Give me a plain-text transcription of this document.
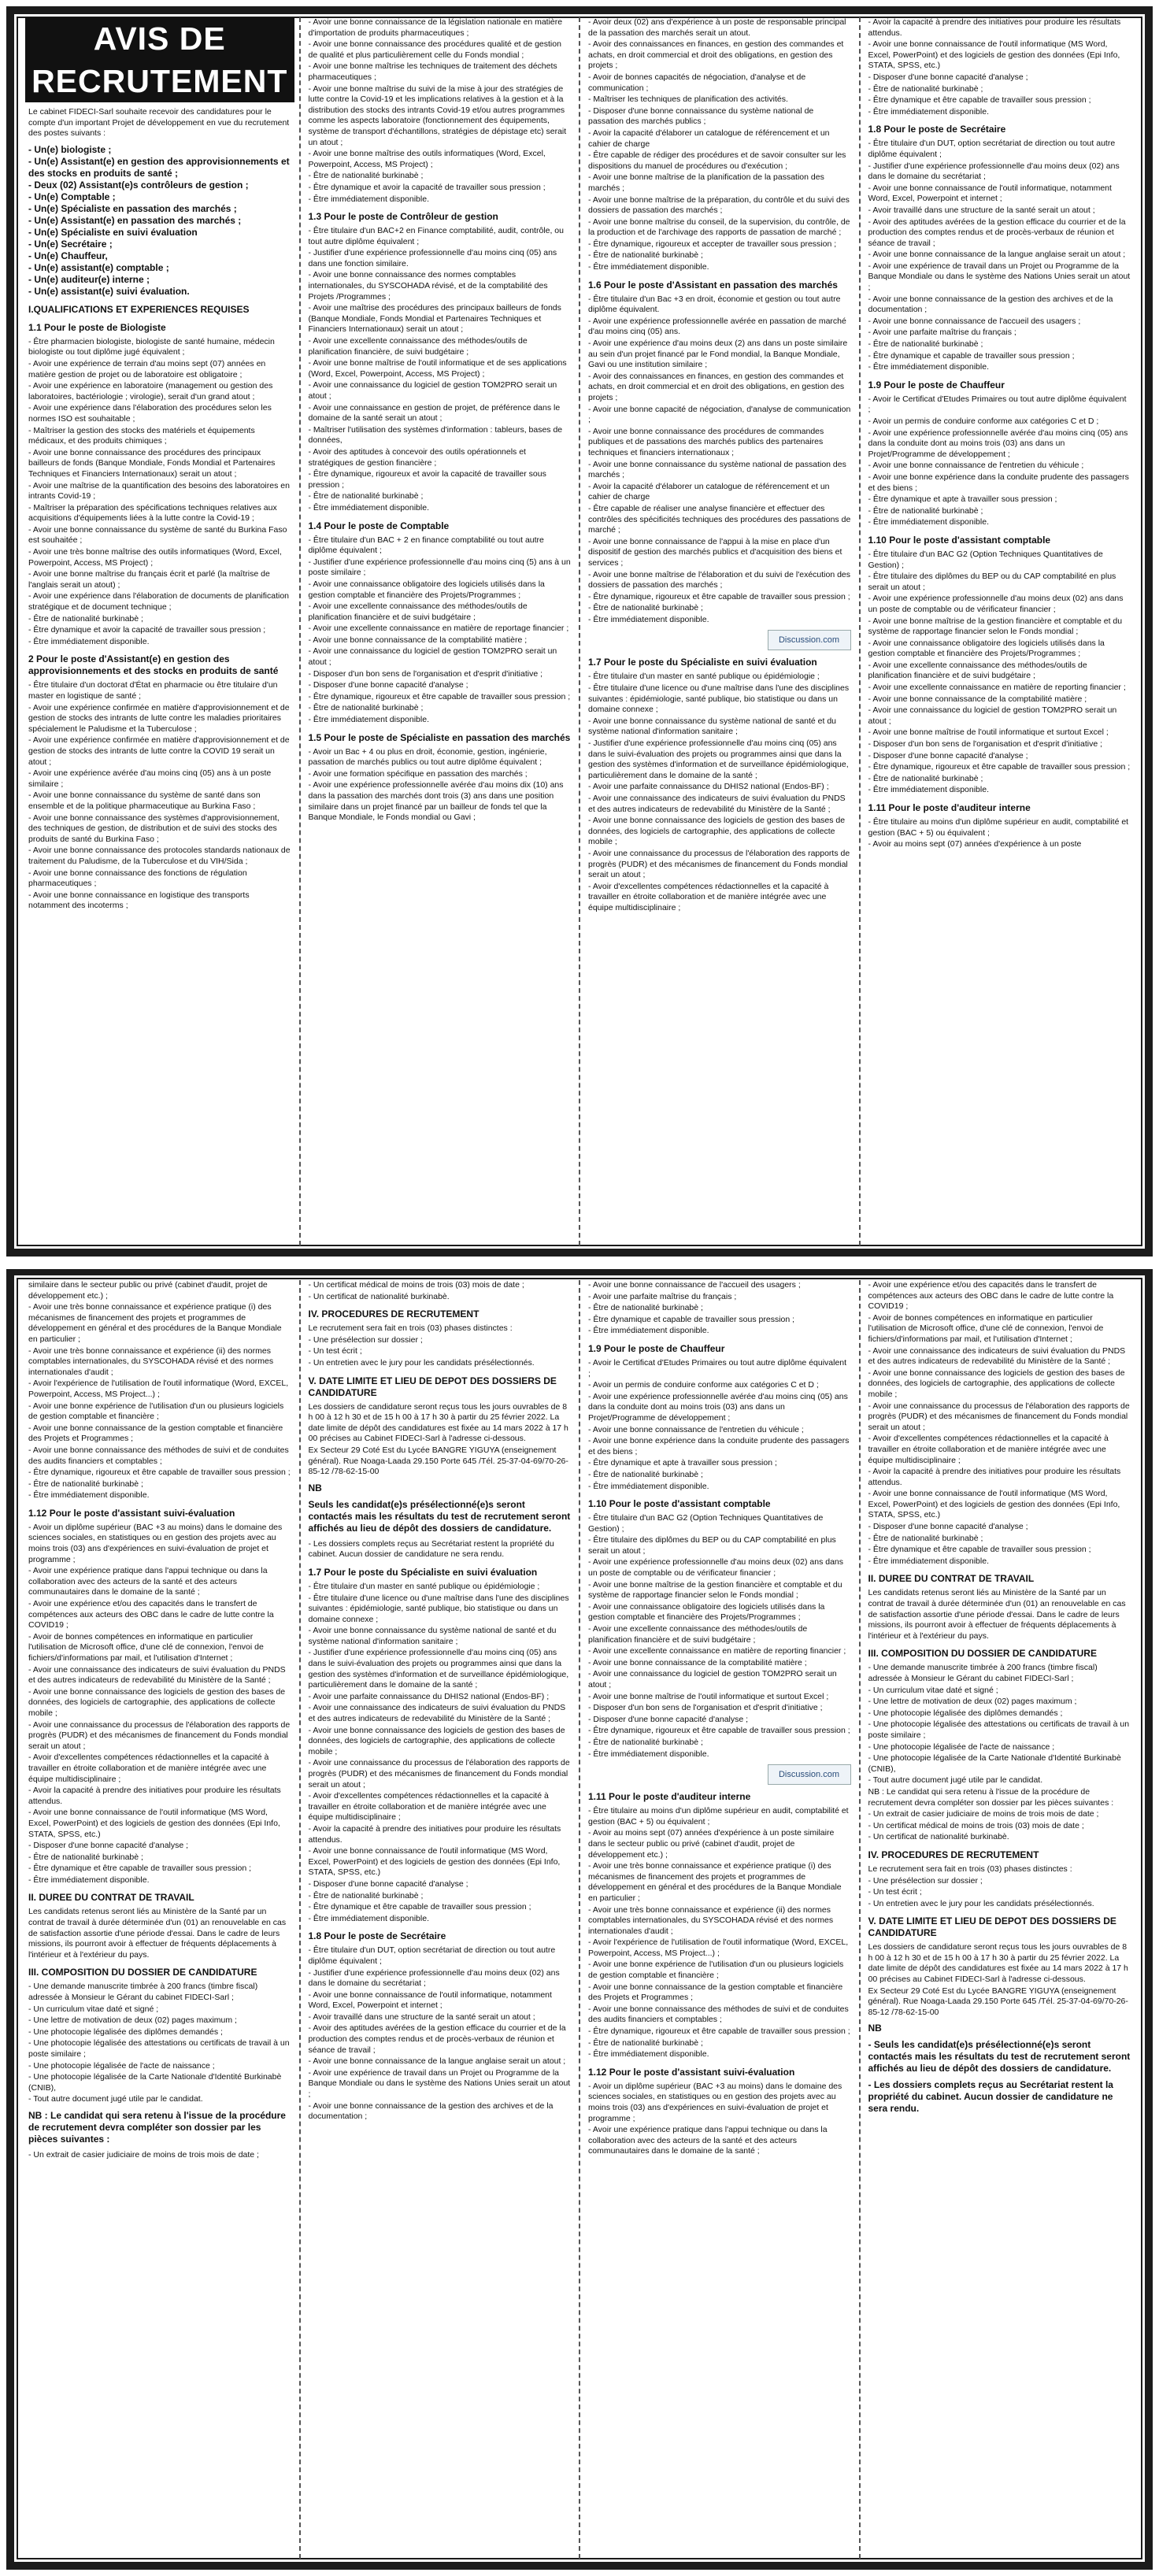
AVIS DE RECRUTEMENT

Le cabinet FIDECI-Sarl souhaite recevoir des candidatures pour le compte d'un important Projet de développement en vue du recrutement des postes suivants :

- Un(e) biologiste ;
- Un(e) Assistant(e) en gestion des approvisionnements et des stocks en produits de santé ;
- Deux (02) Assistant(e)s contrôleurs de gestion ;
- Un(e) Comptable ;
- Un(e) Spécialiste en passation des marchés ;
- Un(e) Assistant(e) en passation des marchés ;
- Un(e) Spécialiste en suivi évaluation
- Un(e) Secrétaire ;
- Un(e) Chauffeur,
- Un(e) assistant(e) comptable ;
- Un(e) auditeur(e) interne ;
- Un(e) assistant(e) suivi évaluation.
I.QUALIFICATIONS ET EXPERIENCES REQUISES
1.1 Pour le poste de Biologiste

- Être pharmacien biologiste, biologiste de santé humaine, médecin biologiste ou tout diplôme jugé équivalent ;

- Avoir une expérience de terrain d'au moins sept (07) années en matière gestion de projet ou de laboratoire est obligatoire ;

- Avoir une expérience en laboratoire (management ou gestion des laboratoires, bactériologie ; virologie), serait d'un grand atout ;

- Avoir une expérience dans l'élaboration des procédures selon les normes ISO est souhaitable ;

- Maîtriser la gestion des stocks des matériels et équipements médicaux, et des produits chimiques ;

- Avoir une bonne connaissance des procédures des principaux bailleurs de fonds (Banque Mondiale, Fonds Mondial et Partenaires Techniques et Financiers Internationaux) serait un atout ;

- Avoir une maîtrise de la quantification des besoins des laboratoires en intrants Covid-19 ;

- Maîtriser la préparation des spécifications techniques relatives aux acquisitions d'équipements liées à la lutte contre la Covid-19 ;

- Avoir une bonne connaissance du système de santé du Burkina Faso est souhaitée ;

- Avoir une très bonne maîtrise des outils informatiques (Word, Excel, Powerpoint, Access, MS Project) ;

- Avoir une bonne maîtrise du français écrit et parlé (la maîtrise de l'anglais serait un atout) ;

- Avoir une expérience dans l'élaboration de documents de planification stratégique et de document technique ;

- Être de nationalité burkinabè ;

- Être dynamique et avoir la capacité de travailler sous pression ;

- Être immédiatement disponible.

2 Pour le poste d'Assistant(e) en gestion des approvisionnements et des stocks en produits de santé

- Être titulaire d'un doctorat d'État en pharmacie ou être titulaire d'un master en logistique de santé ;

- Avoir une expérience confirmée en matière d'approvisionnement et de gestion de stocks des intrants de lutte contre les maladies prioritaires spécialement le Paludisme et la Tuberculose ;

- Avoir une expérience confirmée en matière d'approvisionnement et de gestion de stocks des intrants de lutte contre la COVID 19 serait un atout ;

- Avoir une expérience avérée d'au moins cinq (05) ans à un poste similaire ;

- Avoir une bonne connaissance du système de santé dans son ensemble et de la politique pharmaceutique au Burkina Faso ;

- Avoir une bonne connaissance des systèmes d'approvisionnement, des techniques de gestion, de distribution et de suivi des stocks des produits de santé du Burkina Faso ;

- Avoir une bonne connaissance des protocoles standards nationaux de traitement du Paludisme, de la Tuberculose et du VIH/Sida ;

- Avoir une bonne connaissance des fonctions de régulation pharmaceutiques ;

- Avoir une bonne connaissance en logistique des transports notamment des incoterms ;

- Avoir une bonne connaissance de la législation nationale en matière d'importation de produits pharmaceutiques ;

- Avoir une bonne connaissance des procédures qualité et de gestion de qualité et plus particulièrement celle du Fonds mondial ;

- Avoir une bonne maîtrise les techniques de traitement des déchets pharmaceutiques ;

- Avoir une bonne maîtrise du suivi de la mise à jour des stratégies de lutte contre la Covid-19 et les implications relatives à la gestion et à la distribution des stocks des intrants Covid-19 et/ou autres programmes comme les aspects laboratoire (fonctionnement des équipements, système de transport d'échantillons, stratégies de dépistage etc) serait un atout ;

- Avoir une bonne maîtrise des outils informatiques (Word, Excel, Powerpoint, Access, MS Project) ;

- Être de nationalité burkinabè ;

- Être dynamique et avoir la capacité de travailler sous pression ;

- Être immédiatement disponible.

1.3 Pour le poste de Contrôleur de gestion

- Être titulaire d'un BAC+2 en Finance comptabilité, audit, contrôle, ou tout autre diplôme équivalent ;

- Justifier d'une expérience professionnelle d'au moins cinq (05) ans dans une fonction similaire.

- Avoir une bonne connaissance des normes comptables internationales, du SYSCOHADA révisé, et de la comptabilité des Projets /Programmes ;

- Avoir une maîtrise des procédures des principaux bailleurs de fonds (Banque Mondiale, Fonds Mondial et Partenaires Techniques et Financiers Internationaux) serait un atout ;

- Avoir une excellente connaissance des méthodes/outils de planification financière, de suivi budgétaire ;

- Avoir une bonne maîtrise de l'outil informatique et de ses applications (Word, Excel, Powerpoint, Access, MS Project) ;

- Avoir une connaissance du logiciel de gestion TOM2PRO serait un atout ;

- Avoir une connaissance en gestion de projet, de préférence dans le domaine de la santé serait un atout ;

- Maîtriser l'utilisation des systèmes d'information : tableurs, bases de données,

- Avoir des aptitudes à concevoir des outils opérationnels et stratégiques de gestion financière ;

- Être dynamique, rigoureux et avoir la capacité de travailler sous pression ;

- Être de nationalité burkinabè ;

- Être immédiatement disponible.

1.4 Pour le poste de Comptable

- Être titulaire d'un BAC + 2 en finance comptabilité ou tout autre diplôme équivalent ;

- Justifier d'une expérience professionnelle d'au moins cinq (5) ans à un poste similaire ;

- Avoir une connaissance obligatoire des logiciels utilisés dans la gestion comptable et financière des Projets/Programmes ;

- Avoir une excellente connaissance des méthodes/outils de planification financière et de suivi budgétaire ;

- Avoir une excellente connaissance en matière de reportage financier ;

- Avoir une bonne connaissance de la comptabilité matière ;

- Avoir une connaissance du logiciel de gestion TOM2PRO serait un atout ;

- Disposer d'un bon sens de l'organisation et d'esprit d'initiative ;

- Disposer d'une bonne capacité d'analyse ;

- Être dynamique, rigoureux et être capable de travailler sous pression ;

- Être de nationalité burkinabè ;

- Être immédiatement disponible.

1.5 Pour le poste de Spécialiste en passation des marchés

- Avoir un Bac + 4 ou plus en droit, économie, gestion, ingénierie, passation de marchés publics ou tout autre diplôme équivalent ;

- Avoir une formation spécifique en passation des marchés ;

- Avoir une expérience professionnelle avérée d'au moins dix (10) ans dans la passation des marchés dont trois (3) ans dans une position similaire dans un projet financé par un bailleur de fonds tel que la Banque Mondiale, le Fonds mondial ou Gavi ;

- Avoir deux (02) ans d'expérience à un poste de responsable principal de la passation des marchés serait un atout.

- Avoir des connaissances en finances, en gestion des commandes et achats, en droit commercial et droit des obligations, en gestion des projets ;

- Avoir de bonnes capacités de négociation, d'analyse et de communication ;

- Maîtriser les techniques de planification des activités.

- Disposer d'une bonne connaissance du système national de passation des marchés publics ;

- Avoir la capacité d'élaborer un catalogue de référencement et un cahier de charge

- Être capable de rédiger des procédures et de savoir consulter sur les dispositions du manuel de procédures ou d'exécution ;

- Avoir une bonne maîtrise de la planification de la passation des marchés ;

- Avoir une bonne maîtrise de la préparation, du contrôle et du suivi des dossiers de passation des marchés ;

- Avoir une bonne maîtrise du conseil, de la supervision, du contrôle, de la production et de l'archivage des rapports de passation de marché ;

- Être dynamique, rigoureux et accepter de travailler sous pression ;

- Être de nationalité burkinabè ;

- Être immédiatement disponible.

1.6 Pour le poste d'Assistant en passation des marchés

- Être titulaire d'un Bac +3 en droit, économie et gestion ou tout autre diplôme équivalent.

- Avoir une expérience professionnelle avérée en passation de marché d'au moins cinq (05) ans.

- Avoir une expérience d'au moins deux (2) ans dans un poste similaire au sein d'un projet financé par le Fond mondial, la Banque Mondiale, Gavi ou une institution similaire ;

- Avoir des connaissances en finances, en gestion des commandes et achats, en droit commercial et en droit des obligations, en gestion des projets ;

- Avoir une bonne capacité de négociation, d'analyse de communication ;

- Avoir une bonne connaissance des procédures de commandes publiques et de passations des marchés publics des partenaires techniques et financiers internationaux ;

- Avoir une bonne connaissance du système national de passation des marchés ;

- Avoir la capacité d'élaborer un catalogue de référencement et un cahier de charge

- Être capable de réaliser une analyse financière et effectuer des contrôles des spécificités techniques des procédures des passations de marché ;

- Avoir une bonne connaissance de l'appui à la mise en place d'un dispositif de gestion des marchés publics et d'acquisition des biens et services ;

- Avoir une bonne maîtrise de l'élaboration et du suivi de l'exécution des dossiers de passation des marchés ;

- Être dynamique, rigoureux et être capable de travailler sous pression ;

- Être de nationalité burkinabè ;

- Être immédiatement disponible.

Discussion.com
1.7 Pour le poste du Spécialiste en suivi évaluation

- Être titulaire d'un master en santé publique ou épidémiologie ;

- Être titulaire d'une licence ou d'une maîtrise dans l'une des disciplines suivantes : épidémiologie, santé publique, bio statistique ou dans un domaine connexe ;

- Avoir une bonne connaissance du système national de santé et du système national d'information sanitaire ;

- Justifier d'une expérience professionnelle d'au moins cinq (05) ans dans le suivi-évaluation des projets ou programmes ainsi que dans la gestion des systèmes d'information et de surveillance épidémiologique, particulièrement dans le domaine de la santé ;

- Avoir une parfaite connaissance du DHIS2 national (Endos-BF) ;

- Avoir une connaissance des indicateurs de suivi évaluation du PNDS et des autres indicateurs de redevabilité du Ministère de la Santé ;

- Avoir une bonne connaissance des logiciels de gestion des bases de données, des logiciels de cartographie, des applications de collecte mobile ;

- Avoir une connaissance du processus de l'élaboration des rapports de progrès (PUDR) et des mécanismes de financement du Fonds mondial serait un atout ;

- Avoir d'excellentes compétences rédactionnelles et la capacité à travailler en étroite collaboration et de manière intégrée avec une équipe multidisciplinaire ;

- Avoir la capacité à prendre des initiatives pour produire les résultats attendus.

- Avoir une bonne connaissance de l'outil informatique (MS Word, Excel, PowerPoint) et des logiciels de gestion des données (Epi Info, STATA, SPSS, etc.)

- Disposer d'une bonne capacité d'analyse ;

- Être de nationalité burkinabè ;

- Être dynamique et être capable de travailler sous pression ;

- Être immédiatement disponible.

1.8 Pour le poste de Secrétaire

- Être titulaire d'un DUT, option secrétariat de direction ou tout autre diplôme équivalent ;

- Justifier d'une expérience professionnelle d'au moins deux (02) ans dans le domaine du secrétariat ;

- Avoir une bonne connaissance de l'outil informatique, notamment Word, Excel, Powerpoint et internet ;

- Avoir travaillé dans une structure de la santé serait un atout ;

- Avoir des aptitudes avérées de la gestion efficace du courrier et de la production des comptes rendus et de procès-verbaux de réunion et séance de travail ;

- Avoir une bonne connaissance de la langue anglaise serait un atout ;

- Avoir une expérience de travail dans un Projet ou Programme de la Banque Mondiale ou dans le système des Nations Unies serait un atout ;

- Avoir une bonne connaissance de la gestion des archives et de la documentation ;

- Avoir une bonne connaissance de l'accueil des usagers ;

- Avoir une parfaite maîtrise du français ;

- Être de nationalité burkinabè ;

- Être dynamique et capable de travailler sous pression ;

- Être immédiatement disponible.

1.9 Pour le poste de Chauffeur

- Avoir le Certificat d'Etudes Primaires ou tout autre diplôme équivalent ;

- Avoir un permis de conduire conforme aux catégories C et D ;

- Avoir une expérience professionnelle avérée d'au moins cinq (05) ans dans la conduite dont au moins trois (03) ans dans un Projet/Programme de développement ;

- Avoir une bonne connaissance de l'entretien du véhicule ;

- Avoir une bonne expérience dans la conduite prudente des passagers et des biens ;

- Être dynamique et apte à travailler sous pression ;

- Être de nationalité burkinabè ;

- Être immédiatement disponible.

1.10 Pour le poste d'assistant comptable

- Être titulaire d'un BAC G2 (Option Techniques Quantitatives de Gestion) ;

- Être titulaire des diplômes du BEP ou du CAP comptabilité en plus serait un atout ;

- Avoir une expérience professionnelle d'au moins deux (02) ans dans un poste de comptable ou de vérificateur financier ;

- Avoir une bonne maîtrise de la gestion financière et comptable et du système de rapportage financier selon le Fonds mondial ;

- Avoir une connaissance obligatoire des logiciels utilisés dans la gestion comptable et financière des Projets/Programmes ;

- Avoir une excellente connaissance des méthodes/outils de planification financière et de suivi budgétaire ;

- Avoir une excellente connaissance en matière de reporting financier ;

- Avoir une bonne connaissance de la comptabilité matière ;

- Avoir une connaissance du logiciel de gestion TOM2PRO serait un atout ;

- Avoir une bonne maîtrise de l'outil informatique et surtout Excel ;

- Disposer d'un bon sens de l'organisation et d'esprit d'initiative ;

- Disposer d'une bonne capacité d'analyse ;

- Être dynamique, rigoureux et être capable de travailler sous pression ;

- Être de nationalité burkinabè ;

- Être immédiatement disponible.

1.11 Pour le poste d'auditeur interne

- Être titulaire au moins d'un diplôme supérieur en audit, comptabilité et gestion (BAC + 5) ou équivalent ;

- Avoir au moins sept (07) années d'expérience à un poste

similaire dans le secteur public ou privé (cabinet d'audit, projet de développement etc.) ;

- Avoir une très bonne connaissance et expérience pratique (i) des mécanismes de financement des projets et programmes de développement en général et des procédures de la Banque Mondiale en particulier ;

- Avoir une très bonne connaissance et expérience (ii) des normes comptables internationales, du SYSCOHADA révisé et des normes internationales d'audit ;

- Avoir l'expérience de l'utilisation de l'outil informatique (Word, EXCEL, Powerpoint, Access, MS Project...) ;

- Avoir une bonne expérience de l'utilisation d'un ou plusieurs logiciels de gestion comptable et financière ;

- Avoir une bonne connaissance de la gestion comptable et financière des Projets et Programmes ;

- Avoir une bonne connaissance des méthodes de suivi et de conduites des audits financiers et comptables ;

- Être dynamique, rigoureux et être capable de travailler sous pression ;

- Être de nationalité burkinabè ;

- Être immédiatement disponible.

1.12 Pour le poste d'assistant suivi-évaluation

- Avoir un diplôme supérieur (BAC +3 au moins) dans le domaine des sciences sociales, en statistiques ou en gestion des projets avec au moins trois (03) ans d'expériences en suivi-évaluation de projet et programme ;

- Avoir une expérience pratique dans l'appui technique ou dans la collaboration avec des acteurs de la santé et des acteurs communautaires dans le domaine de la santé ;

- Avoir une expérience et/ou des capacités dans le transfert de compétences aux acteurs des OBC dans le cadre de lutte contre la COVID19 ;

- Avoir de bonnes compétences en informatique en particulier l'utilisation de Microsoft office, d'une clé de connexion, l'envoi de fichiers/d'informations par mail, et l'utilisation d'Internet ;

- Avoir une connaissance des indicateurs de suivi évaluation du PNDS et des autres indicateurs de redevabilité du Ministère de la Santé ;

- Avoir une bonne connaissance des logiciels de gestion des bases de données, des logiciels de cartographie, des applications de collecte mobile ;

- Avoir une connaissance du processus de l'élaboration des rapports de progrès (PUDR) et des mécanismes de financement du Fonds mondial serait un atout ;

- Avoir d'excellentes compétences rédactionnelles et la capacité à travailler en étroite collaboration et de manière intégrée avec une équipe multidisciplinaire ;

- Avoir la capacité à prendre des initiatives pour produire les résultats attendus.

- Avoir une bonne connaissance de l'outil informatique (MS Word, Excel, PowerPoint) et des logiciels de gestion des données (Epi Info, STATA, SPSS, etc.)

- Disposer d'une bonne capacité d'analyse ;

- Être de nationalité burkinabè ;

- Être dynamique et être capable de travailler sous pression ;

- Être immédiatement disponible.

II. DUREE DU CONTRAT DE TRAVAIL

Les candidats retenus seront liés au Ministère de la Santé par un contrat de travail à durée déterminée d'un (01) an renouvelable en cas de satisfaction assortie d'une période d'essai. Dans le cadre de leurs missions, ils pourront avoir à effectuer de fréquents déplacements à l'intérieur et à l'extérieur du pays.

III. COMPOSITION DU DOSSIER DE CANDIDATURE

- Une demande manuscrite timbrée à 200 francs (timbre fiscal) adressée à Monsieur le Gérant du cabinet FIDECI-Sarl ;

- Un curriculum vitae daté et signé ;

- Une lettre de motivation de deux (02) pages maximum ;

- Une photocopie légalisée des diplômes demandés ;

- Une photocopie légalisée des attestations ou certificats de travail à un poste similaire ;

- Une photocopie légalisée de l'acte de naissance ;

- Une photocopie légalisée de la Carte Nationale d'Identité Burkinabè (CNIB),

- Tout autre document jugé utile par le candidat.

NB : Le candidat qui sera retenu à l'issue de la procédure de recrutement devra compléter son dossier par les pièces suivantes :

- Un extrait de casier judiciaire de moins de trois mois de date ;

- Un certificat médical de moins de trois (03) mois de date ;

- Un certificat de nationalité burkinabè.

IV. PROCEDURES DE RECRUTEMENT

Le recrutement sera fait en trois (03) phases distinctes :

- Une présélection sur dossier ;

- Un test écrit ;

- Un entretien avec le jury pour les candidats présélectionnés.

V. DATE LIMITE ET LIEU DE DEPOT DES DOSSIERS DE CANDIDATURE

Les dossiers de candidature seront reçus tous les jours ouvrables de 8 h 00 à 12 h 30 et de 15 h 00 à 17 h 30 à partir du 25 février 2022. La date limite de dépôt des candidatures est fixée au 14 mars 2022 à 17 h 00 précises au Cabinet FIDECI-Sarl à l'adresse ci-dessous.

Ex Secteur 29 Coté Est du Lycée BANGRE YIGUYA (enseignement général). Rue Noaga-Laada 29.150 Porte 645 /Tél. 25-37-04-69/70-26-85-12 /78-62-15-00

NB
Seuls les candidat(e)s présélectionné(e)s seront contactés mais les résultats du test de recrutement seront affichés au lieu de dépôt des dossiers de candidature.

- Les dossiers complets reçus au Secrétariat restent la propriété du cabinet. Aucun dossier de candidature ne sera rendu.

1.7 Pour le poste du Spécialiste en suivi évaluation

- Être titulaire d'un master en santé publique ou épidémiologie ;

- Être titulaire d'une licence ou d'une maîtrise dans l'une des disciplines suivantes : épidémiologie, santé publique, bio statistique ou dans un domaine connexe ;

- Avoir une bonne connaissance du système national de santé et du système national d'information sanitaire ;

- Justifier d'une expérience professionnelle d'au moins cinq (05) ans dans le suivi-évaluation des projets ou programmes ainsi que dans la gestion des systèmes d'information et de surveillance épidémiologique, particulièrement dans le domaine de la santé ;

- Avoir une parfaite connaissance du DHIS2 national (Endos-BF) ;

- Avoir une connaissance des indicateurs de suivi évaluation du PNDS et des autres indicateurs de redevabilité du Ministère de la Santé ;

- Avoir une bonne connaissance des logiciels de gestion des bases de données, des logiciels de cartographie, des applications de collecte mobile ;

- Avoir une connaissance du processus de l'élaboration des rapports de progrès (PUDR) et des mécanismes de financement du Fonds mondial serait un atout ;

- Avoir d'excellentes compétences rédactionnelles et la capacité à travailler en étroite collaboration et de manière intégrée avec une équipe multidisciplinaire ;

- Avoir la capacité à prendre des initiatives pour produire les résultats attendus.

- Avoir une bonne connaissance de l'outil informatique (MS Word, Excel, PowerPoint) et des logiciels de gestion des données (Epi Info, STATA, SPSS, etc.)

- Disposer d'une bonne capacité d'analyse ;

- Être de nationalité burkinabè ;

- Être dynamique et être capable de travailler sous pression ;

- Être immédiatement disponible.

1.8 Pour le poste de Secrétaire

- Être titulaire d'un DUT, option secrétariat de direction ou tout autre diplôme équivalent ;

- Justifier d'une expérience professionnelle d'au moins deux (02) ans dans le domaine du secrétariat ;

- Avoir une bonne connaissance de l'outil informatique, notamment Word, Excel, Powerpoint et internet ;

- Avoir travaillé dans une structure de la santé serait un atout ;

- Avoir des aptitudes avérées de la gestion efficace du courrier et de la production des comptes rendus et de procès-verbaux de réunion et séance de travail ;

- Avoir une bonne connaissance de la langue anglaise serait un atout ;

- Avoir une expérience de travail dans un Projet ou Programme de la Banque Mondiale ou dans le système des Nations Unies serait un atout ;

- Avoir une bonne connaissance de la gestion des archives et de la documentation ;

- Avoir une bonne connaissance de l'accueil des usagers ;

- Avoir une parfaite maîtrise du français ;

- Être de nationalité burkinabè ;

- Être dynamique et capable de travailler sous pression ;

- Être immédiatement disponible.

1.9 Pour le poste de Chauffeur

- Avoir le Certificat d'Etudes Primaires ou tout autre diplôme équivalent ;

- Avoir un permis de conduire conforme aux catégories C et D ;

- Avoir une expérience professionnelle avérée d'au moins cinq (05) ans dans la conduite dont au moins trois (03) ans dans un Projet/Programme de développement ;

- Avoir une bonne connaissance de l'entretien du véhicule ;

- Avoir une bonne expérience dans la conduite prudente des passagers et des biens ;

- Être dynamique et apte à travailler sous pression ;

- Être de nationalité burkinabè ;

- Être immédiatement disponible.

1.10 Pour le poste d'assistant comptable

- Être titulaire d'un BAC G2 (Option Techniques Quantitatives de Gestion) ;

- Être titulaire des diplômes du BEP ou du CAP comptabilité en plus serait un atout ;

- Avoir une expérience professionnelle d'au moins deux (02) ans dans un poste de comptable ou de vérificateur financier ;

- Avoir une bonne maîtrise de la gestion financière et comptable et du système de rapportage financier selon le Fonds mondial ;

- Avoir une connaissance obligatoire des logiciels utilisés dans la gestion comptable et financière des Projets/Programmes ;

- Avoir une excellente connaissance des méthodes/outils de planification financière et de suivi budgétaire ;

- Avoir une excellente connaissance en matière de reporting financier ;

- Avoir une bonne connaissance de la comptabilité matière ;

- Avoir une connaissance du logiciel de gestion TOM2PRO serait un atout ;

- Avoir une bonne maîtrise de l'outil informatique et surtout Excel ;

- Disposer d'un bon sens de l'organisation et d'esprit d'initiative ;

- Disposer d'une bonne capacité d'analyse ;

- Être dynamique, rigoureux et être capable de travailler sous pression ;

- Être de nationalité burkinabè ;

- Être immédiatement disponible.

Discussion.com
1.11 Pour le poste d'auditeur interne

- Être titulaire au moins d'un diplôme supérieur en audit, comptabilité et gestion (BAC + 5) ou équivalent ;

- Avoir au moins sept (07) années d'expérience à un poste similaire dans le secteur public ou privé (cabinet d'audit, projet de développement etc.) ;

- Avoir une très bonne connaissance et expérience pratique (i) des mécanismes de financement des projets et programmes de développement en général et des procédures de la Banque Mondiale en particulier ;

- Avoir une très bonne connaissance et expérience (ii) des normes comptables internationales, du SYSCOHADA révisé et des normes internationales d'audit ;

- Avoir l'expérience de l'utilisation de l'outil informatique (Word, EXCEL, Powerpoint, Access, MS Project...) ;

- Avoir une bonne expérience de l'utilisation d'un ou plusieurs logiciels de gestion comptable et financière ;

- Avoir une bonne connaissance de la gestion comptable et financière des Projets et Programmes ;

- Avoir une bonne connaissance des méthodes de suivi et de conduites des audits financiers et comptables ;

- Être dynamique, rigoureux et être capable de travailler sous pression ;

- Être de nationalité burkinabè ;

- Être immédiatement disponible.

1.12 Pour le poste d'assistant suivi-évaluation

- Avoir un diplôme supérieur (BAC +3 au moins) dans le domaine des sciences sociales, en statistiques ou en gestion des projets avec au moins trois (03) ans d'expériences en suivi-évaluation de projet et programme ;

- Avoir une expérience pratique dans l'appui technique ou dans la collaboration avec des acteurs de la santé et des acteurs communautaires dans le domaine de la santé ;

- Avoir une expérience et/ou des capacités dans le transfert de compétences aux acteurs des OBC dans le cadre de lutte contre la COVID19 ;

- Avoir de bonnes compétences en informatique en particulier l'utilisation de Microsoft office, d'une clé de connexion, l'envoi de fichiers/d'informations par mail, et l'utilisation d'Internet ;

- Avoir une connaissance des indicateurs de suivi évaluation du PNDS et des autres indicateurs de redevabilité du Ministère de la Santé ;

- Avoir une bonne connaissance des logiciels de gestion des bases de données, des logiciels de cartographie, des applications de collecte mobile ;

- Avoir une connaissance du processus de l'élaboration des rapports de progrès (PUDR) et des mécanismes de financement du Fonds mondial serait un atout ;

- Avoir d'excellentes compétences rédactionnelles et la capacité à travailler en étroite collaboration et de manière intégrée avec une équipe multidisciplinaire ;

- Avoir la capacité à prendre des initiatives pour produire les résultats attendus.

- Avoir une bonne connaissance de l'outil informatique (MS Word, Excel, PowerPoint) et des logiciels de gestion des données (Epi Info, STATA, SPSS, etc.)

- Disposer d'une bonne capacité d'analyse ;

- Être de nationalité burkinabè ;

- Être dynamique et être capable de travailler sous pression ;

- Être immédiatement disponible.

II. DUREE DU CONTRAT DE TRAVAIL

Les candidats retenus seront liés au Ministère de la Santé par un contrat de travail à durée déterminée d'un (01) an renouvelable en cas de satisfaction assortie d'une période d'essai. Dans le cadre de leurs missions, ils pourront avoir à effectuer de fréquents déplacements à l'intérieur et à l'extérieur du pays.

III. COMPOSITION DU DOSSIER DE CANDIDATURE

- Une demande manuscrite timbrée à 200 francs (timbre fiscal) adressée à Monsieur le Gérant du cabinet FIDECI-Sarl ;

- Un curriculum vitae daté et signé ;

- Une lettre de motivation de deux (02) pages maximum ;

- Une photocopie légalisée des diplômes demandés ;

- Une photocopie légalisée des attestations ou certificats de travail à un poste similaire ;

- Une photocopie légalisée de l'acte de naissance ;

- Une photocopie légalisée de la Carte Nationale d'Identité Burkinabè (CNIB),

- Tout autre document jugé utile par le candidat.

NB : Le candidat qui sera retenu à l'issue de la procédure de recrutement devra compléter son dossier par les pièces suivantes :

- Un extrait de casier judiciaire de moins de trois mois de date ;

- Un certificat médical de moins de trois (03) mois de date ;

- Un certificat de nationalité burkinabè.

IV. PROCEDURES DE RECRUTEMENT

Le recrutement sera fait en trois (03) phases distinctes :

- Une présélection sur dossier ;

- Un test écrit ;

- Un entretien avec le jury pour les candidats présélectionnés.

V. DATE LIMITE ET LIEU DE DEPOT DES DOSSIERS DE CANDIDATURE

Les dossiers de candidature seront reçus tous les jours ouvrables de 8 h 00 à 12 h 30 et de 15 h 00 à 17 h 30 à partir du 25 février 2022. La date limite de dépôt des candidatures est fixée au 14 mars 2022 à 17 h 00 précises au Cabinet FIDECI-Sarl à l'adresse ci-dessous.

Ex Secteur 29 Coté Est du Lycée BANGRE YIGUYA (enseignement général). Rue Noaga-Laada 29.150 Porte 645 /Tél. 25-37-04-69/70-26-85-12 /78-62-15-00

NB
- Seuls les candidat(e)s présélectionné(e)s seront contactés mais les résultats du test de recrutement seront affichés au lieu de dépôt des dossiers de candidature.
- Les dossiers complets reçus au Secrétariat restent la propriété du cabinet. Aucun dossier de candidature ne sera rendu.
